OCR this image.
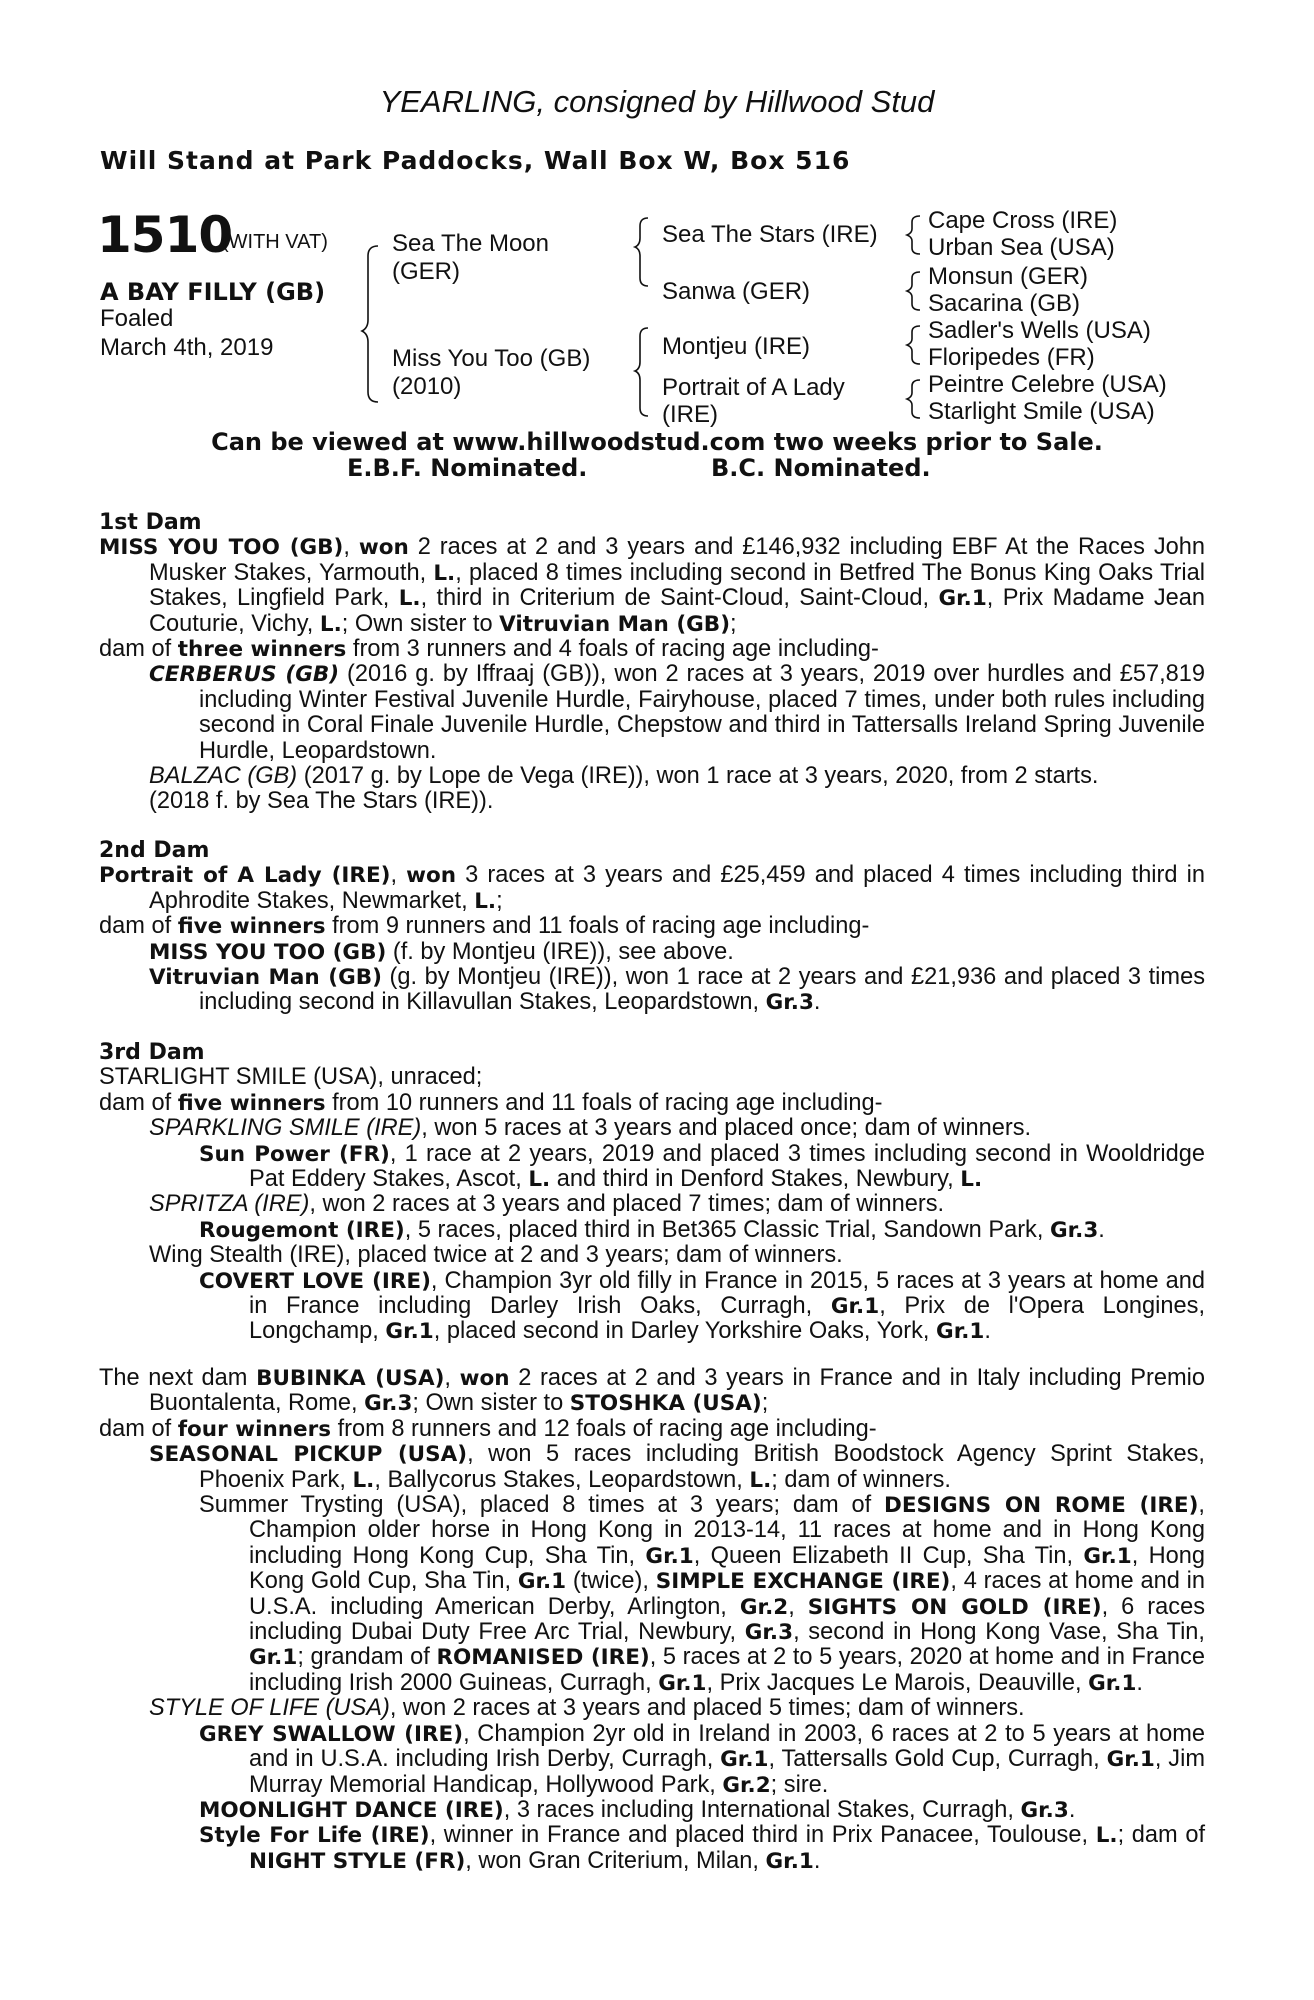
YEARLING, consigned by Hillwood Stud
Will Stand at Park Paddocks, Wall Box W, Box 516
1510
(WITH VAT)
A BAY FILLY (GB)
Foaled
March 4th, 2019
Sea The Moon
(GER)
Miss You Too (GB)
(2010)
Sea The Stars (IRE)
Sanwa (GER)
Montjeu (IRE)
Portrait of A Lady
(IRE)
Cape Cross (IRE)
Urban Sea (USA)
Monsun (GER)
Sacarina (GB)
Sadler's Wells (USA)
Floripedes (FR)
Peintre Celebre (USA)
Starlight Smile (USA)
Can be viewed at www.hillwoodstud.com two weeks prior to Sale.
E.B.F. Nominated.	B.C. Nominated.
1st Dam
MISS YOU TOO (GB), won 2 races at 2 and 3 years and £146,932 including EBF At the Races John Musker Stakes, Yarmouth, L., placed 8 times including second in Betfred The Bonus King Oaks Trial Stakes, Lingfield Park, L., third in Criterium de Saint-Cloud, Saint-Cloud, Gr.1, Prix Madame Jean Couturie, Vichy, L.; Own sister to Vitruvian Man (GB);
dam of three winners from 3 runners and 4 foals of racing age including-
CERBERUS (GB) (2016 g. by Iffraaj (GB)), won 2 races at 3 years, 2019 over hurdles and £57,819 including Winter Festival Juvenile Hurdle, Fairyhouse, placed 7 times, under both rules including second in Coral Finale Juvenile Hurdle, Chepstow and third in Tattersalls Ireland Spring Juvenile Hurdle, Leopardstown.
BALZAC (GB) (2017 g. by Lope de Vega (IRE)), won 1 race at 3 years, 2020, from 2 starts.
(2018 f. by Sea The Stars (IRE)).
2nd Dam
Portrait of A Lady (IRE), won 3 races at 3 years and £25,459 and placed 4 times including third in Aphrodite Stakes, Newmarket, L.;
dam of five winners from 9 runners and 11 foals of racing age including-
MISS YOU TOO (GB) (f. by Montjeu (IRE)), see above.
Vitruvian Man (GB) (g. by Montjeu (IRE)), won 1 race at 2 years and £21,936 and placed 3 times including second in Killavullan Stakes, Leopardstown, Gr.3.
3rd Dam
STARLIGHT SMILE (USA), unraced;
dam of five winners from 10 runners and 11 foals of racing age including-
SPARKLING SMILE (IRE), won 5 races at 3 years and placed once; dam of winners.
Sun Power (FR), 1 race at 2 years, 2019 and placed 3 times including second in Wooldridge Pat Eddery Stakes, Ascot, L. and third in Denford Stakes, Newbury, L.
SPRITZA (IRE), won 2 races at 3 years and placed 7 times; dam of winners.
Rougemont (IRE), 5 races, placed third in Bet365 Classic Trial, Sandown Park, Gr.3.
Wing Stealth (IRE), placed twice at 2 and 3 years; dam of winners.
COVERT LOVE (IRE), Champion 3yr old filly in France in 2015, 5 races at 3 years at home and in France including Darley Irish Oaks, Curragh, Gr.1, Prix de l'Opera Longines, Longchamp, Gr.1, placed second in Darley Yorkshire Oaks, York, Gr.1.
The next dam BUBINKA (USA), won 2 races at 2 and 3 years in France and in Italy including Premio Buontalenta, Rome, Gr.3; Own sister to STOSHKA (USA);
dam of four winners from 8 runners and 12 foals of racing age including-
SEASONAL PICKUP (USA), won 5 races including British Boodstock Agency Sprint Stakes, Phoenix Park, L., Ballycorus Stakes, Leopardstown, L.; dam of winners.
Summer Trysting (USA), placed 8 times at 3 years; dam of DESIGNS ON ROME (IRE), Champion older horse in Hong Kong in 2013-14, 11 races at home and in Hong Kong including Hong Kong Cup, Sha Tin, Gr.1, Queen Elizabeth II Cup, Sha Tin, Gr.1, Hong Kong Gold Cup, Sha Tin, Gr.1 (twice), SIMPLE EXCHANGE (IRE), 4 races at home and in U.S.A. including American Derby, Arlington, Gr.2, SIGHTS ON GOLD (IRE), 6 races including Dubai Duty Free Arc Trial, Newbury, Gr.3, second in Hong Kong Vase, Sha Tin, Gr.1; grandam of ROMANISED (IRE), 5 races at 2 to 5 years, 2020 at home and in France including Irish 2000 Guineas, Curragh, Gr.1, Prix Jacques Le Marois, Deauville, Gr.1.
STYLE OF LIFE (USA), won 2 races at 3 years and placed 5 times; dam of winners.
GREY SWALLOW (IRE), Champion 2yr old in Ireland in 2003, 6 races at 2 to 5 years at home and in U.S.A. including Irish Derby, Curragh, Gr.1, Tattersalls Gold Cup, Curragh, Gr.1, Jim Murray Memorial Handicap, Hollywood Park, Gr.2; sire.
MOONLIGHT DANCE (IRE), 3 races including International Stakes, Curragh, Gr.3.
Style For Life (IRE), winner in France and placed third in Prix Panacee, Toulouse, L.; dam of NIGHT STYLE (FR), won Gran Criterium, Milan, Gr.1.
